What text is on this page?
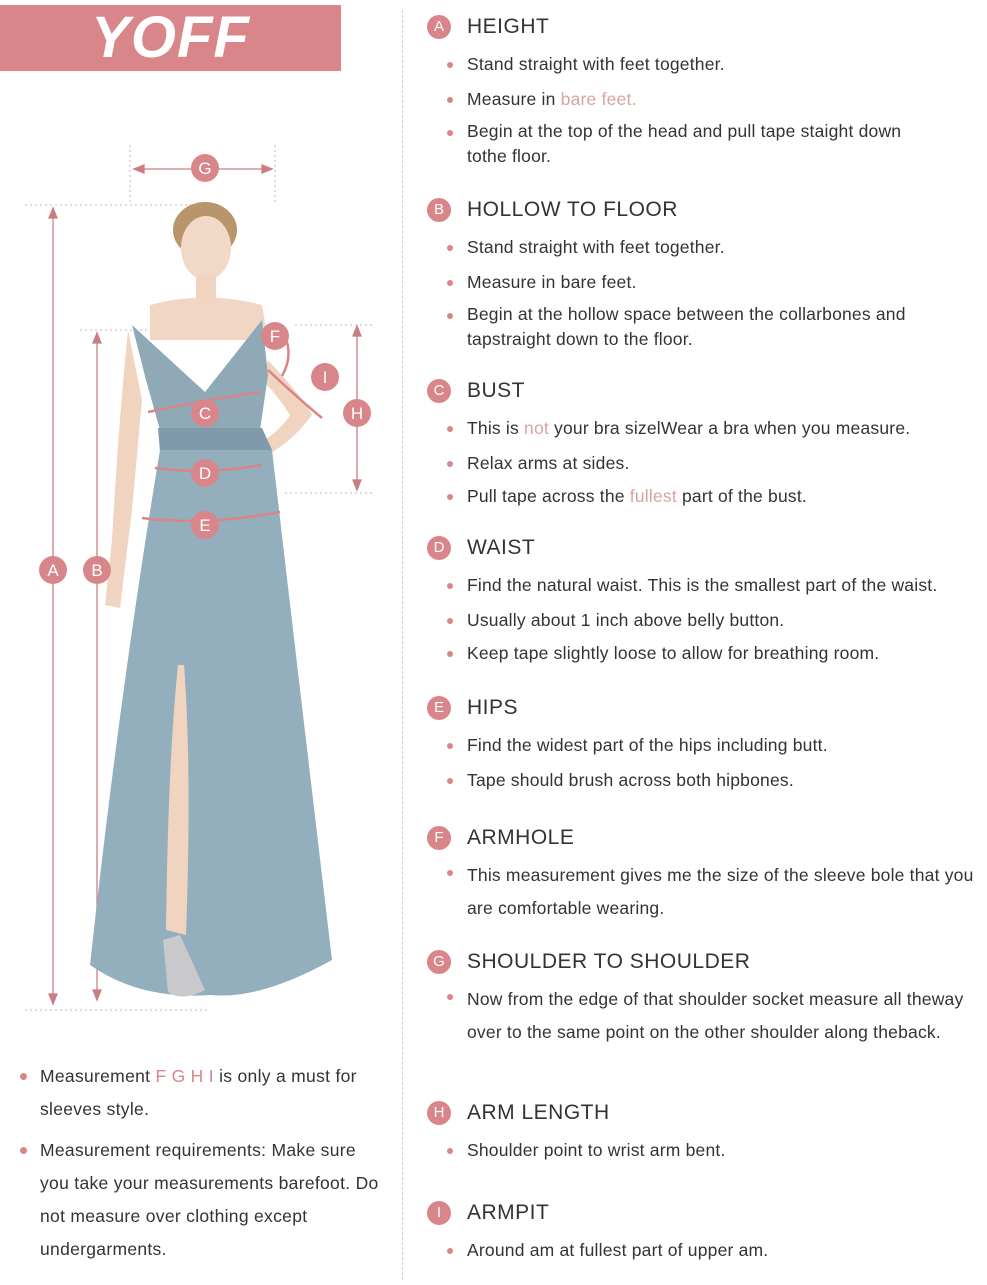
YOFF
G
F
I
H
C
D
E
A B
Measurement F G H I is only a must for sleeves style.
Measurement requirements: Make sure you take your measurements barefoot. Do not measure over clothing except undergarments.
A	HEIGHT
Stand straight with feet together.
Measure in bare feet.
Begin at the top of the head and pull tape staight down tothe floor.
B	HOLLOW TO FLOOR
Stand straight with feet together.
Measure in bare feet.
Begin at the hollow space between the collarbones and tapstraight down to the floor.
C	BUST
This is not your bra sizelWear a bra when you measure.
Relax arms at sides.
Pull tape across the fullest part of the bust.
D	WAIST
Find the natural waist. This is the smallest part of the waist.
Usually about 1 inch above belly button.
Keep tape slightly loose to allow for breathing room.
E	HIPS
Find the widest part of the hips including butt.
Tape should brush across both hipbones.
F	ARMHOLE
This measurement gives me the size of the sleeve bole that you are comfortable wearing.
G SHOULDER TO SHOULDER
Now from the edge of that shoulder socket measure all theway over to the same point on the other shoulder along theback.
H	ARM LENGTH
Shoulder point to wrist arm bent.
I	ARMPIT
Around am at fullest part of upper am.
